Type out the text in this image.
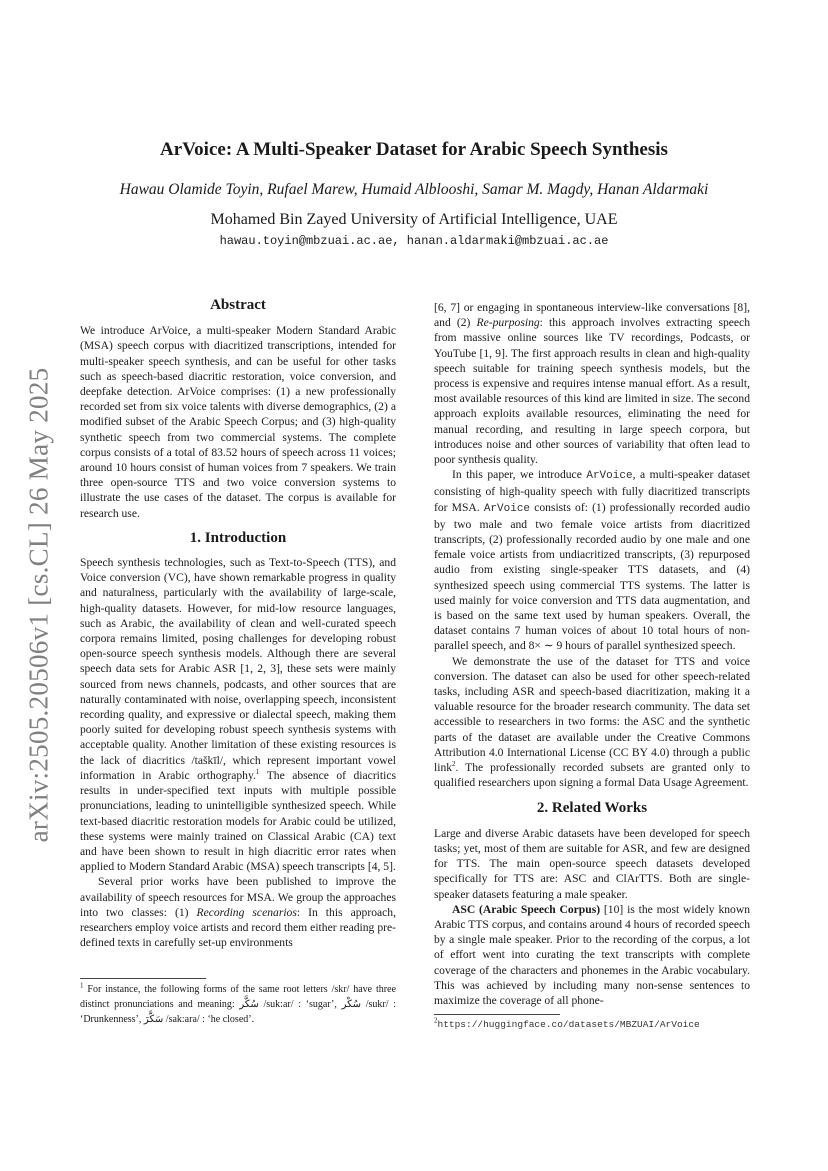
arXiv:2505.20506v1 [cs.CL] 26 May 2025
ArVoice: A Multi-Speaker Dataset for Arabic Speech Synthesis
Hawau Olamide Toyin, Rufael Marew, Humaid Alblooshi, Samar M. Magdy, Hanan Aldarmaki
Mohamed Bin Zayed University of Artificial Intelligence, UAE
hawau.toyin@mbzuai.ac.ae, hanan.aldarmaki@mbzuai.ac.ae
Abstract

We introduce ArVoice, a multi-speaker Modern Standard Arabic (MSA) speech corpus with diacritized transcriptions, intended for multi-speaker speech synthesis, and can be useful for other tasks such as speech-based diacritic restoration, voice conversion, and deepfake detection. ArVoice comprises: (1) a new professionally recorded set from six voice talents with diverse demographics, (2) a modified subset of the Arabic Speech Corpus; and (3) high-quality synthetic speech from two commercial systems. The complete corpus consists of a total of 83.52 hours of speech across 11 voices; around 10 hours consist of human voices from 7 speakers. We train three open-source TTS and two voice conversion systems to illustrate the use cases of the dataset. The corpus is available for research use.

1. Introduction

Speech synthesis technologies, such as Text-to-Speech (TTS), and Voice conversion (VC), have shown remarkable progress in quality and naturalness, particularly with the availability of large-scale, high-quality datasets. However, for mid-low resource languages, such as Arabic, the availability of clean and well-curated speech corpora remains limited, posing challenges for developing robust open-source speech synthesis models. Although there are several speech data sets for Arabic ASR [1, 2, 3], these sets were mainly sourced from news channels, podcasts, and other sources that are naturally contaminated with noise, overlapping speech, inconsistent recording quality, and expressive or dialectal speech, making them poorly suited for developing robust speech synthesis systems with acceptable quality. Another limitation of these existing resources is the lack of diacritics /taškīl/, which represent important vowel information in Arabic orthography.$^1$ The absence of diacritics results in under-specified text inputs with multiple possible pronunciations, leading to unintelligible synthesized speech. While text-based diacritic restoration models for Arabic could be utilized, these systems were mainly trained on Classical Arabic (CA) text and have been shown to result in high diacritic error rates when applied to Modern Standard Arabic (MSA) speech transcripts [4, 5].

Several prior works have been published to improve the availability of speech resources for MSA. We group the approaches into two classes: (1) Recording scenarios: In this approach, researchers employ voice artists and record them either reading pre-defined texts in carefully set-up environments

$^1$ For instance, the following forms of the same root letters /skr/ have three distinct pronunciations and meaning: سُكَّر /suk:ar/ : ‘sugar’, سُكْر /sukr/ : ‘Drunkenness’, سَكَّرَ /sak:ara/ : ‘he closed’.

[6, 7] or engaging in spontaneous interview-like conversations [8], and (2) Re-purposing: this approach involves extracting speech from massive online sources like TV recordings, Podcasts, or YouTube [1, 9]. The first approach results in clean and high-quality speech suitable for training speech synthesis models, but the process is expensive and requires intense manual effort. As a result, most available resources of this kind are limited in size. The second approach exploits available resources, eliminating the need for manual recording, and resulting in large speech corpora, but introduces noise and other sources of variability that often lead to poor synthesis quality.

In this paper, we introduce ArVoice, a multi-speaker dataset consisting of high-quality speech with fully diacritized transcripts for MSA. ArVoice consists of: (1) professionally recorded audio by two male and two female voice artists from diacritized transcripts, (2) professionally recorded audio by one male and one female voice artists from undiacritized transcripts, (3) repurposed audio from existing single-speaker TTS datasets, and (4) synthesized speech using commercial TTS systems. The latter is used mainly for voice conversion and TTS data augmentation, and is based on the same text used by human speakers. Overall, the dataset contains 7 human voices of about 10 total hours of non-parallel speech, and 8× ∼ 9 hours of parallel synthesized speech.

We demonstrate the use of the dataset for TTS and voice conversion. The dataset can also be used for other speech-related tasks, including ASR and speech-based diacritization, making it a valuable resource for the broader research community. The data set accessible to researchers in two forms: the ASC and the synthetic parts of the dataset are available under the Creative Commons Attribution 4.0 International License (CC BY 4.0) through a public link$^2$. The professionally recorded subsets are granted only to qualified researchers upon signing a formal Data Usage Agreement.

2. Related Works

Large and diverse Arabic datasets have been developed for speech tasks; yet, most of them are suitable for ASR, and few are designed for TTS. The main open-source speech datasets developed specifically for TTS are: ASC and ClArTTS. Both are single-speaker datasets featuring a male speaker.

ASC (Arabic Speech Corpus) [10] is the most widely known Arabic TTS corpus, and contains around 4 hours of recorded speech by a single male speaker. Prior to the recording of the corpus, a lot of effort went into curating the text transcripts with complete coverage of the characters and phonemes in the Arabic vocabulary. This was achieved by including many non-sense sentences to maximize the coverage of all phone-

$^2$https://huggingface.co/datasets/MBZUAI/ArVoice
